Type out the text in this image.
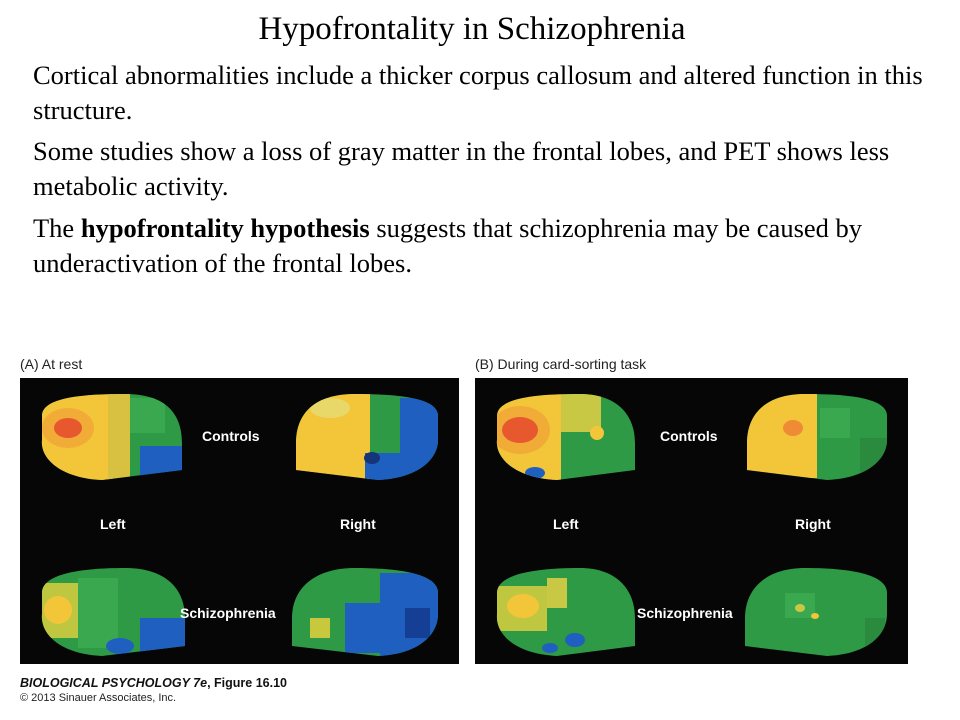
Hypofrontality in Schizophrenia

Cortical abnormalities include a thicker corpus callosum and altered function in this structure.

Some studies show a loss of gray matter in the frontal lobes, and PET shows less metabolic activity.

The hypofrontality hypothesis suggests that schizophrenia may be caused by underactivation of the frontal lobes.

(A) At rest	(B) During card-sorting task
Controls
Left	Right
Schizophrenia
Controls
Left	Right
Schizophrenia
BIOLOGICAL PSYCHOLOGY 7e, Figure 16.10
© 2013 Sinauer Associates, Inc.
